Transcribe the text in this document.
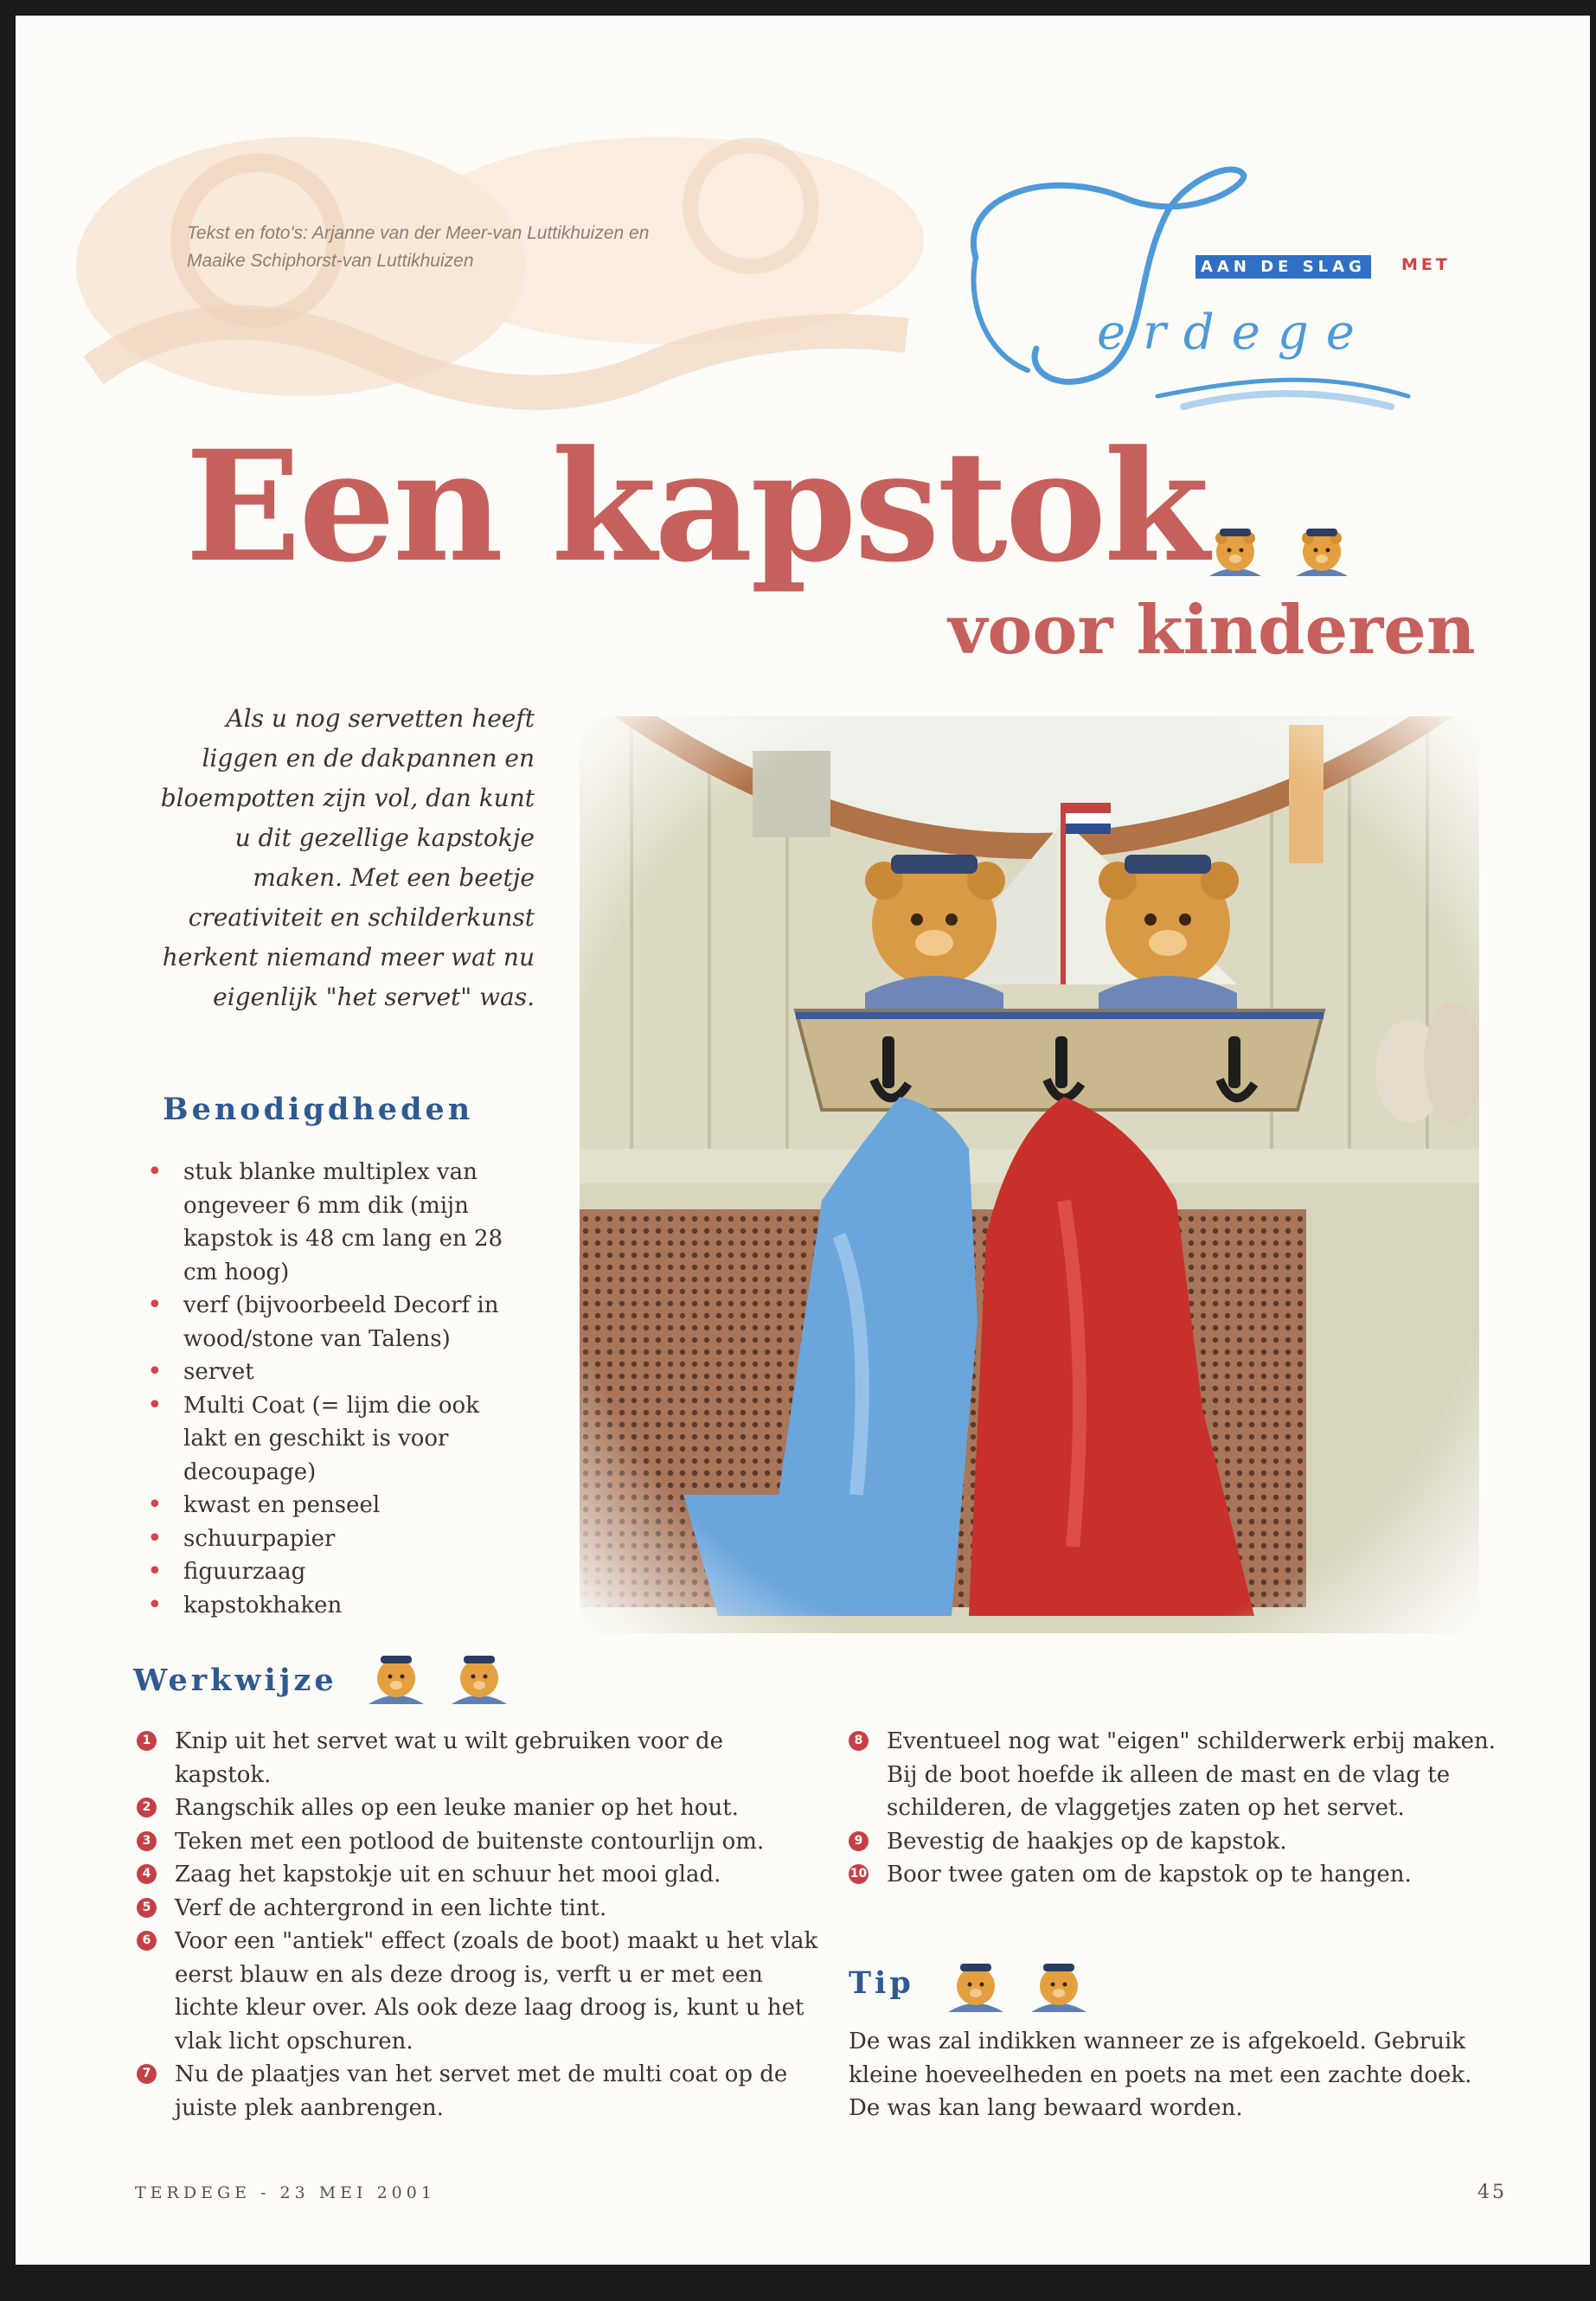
Tekst en foto's: Arjanne van der Meer-van Luttikhuizen en
Maaike Schiphorst-van Luttikhuizen	AAN DE SLAG	MET
erdege
Een kapstok
voor kinderen
Als u nog servetten heeft
liggen en de dakpannen en
bloempotten zijn vol, dan kunt
u dit gezellige kapstokje
maken. Met een beetje
creativiteit en schilderkunst
herkent niemand meer wat nu
eigenlijk "het servet" was.
Benodigdheden
• stuk blanke multiplex van ongeveer 6 mm dik (mijn kapstok is 48 cm lang en 28 cm hoog)
• verf (bijvoorbeeld Decorf in wood/stone van Talens)
• servet
• Multi Coat (= lijm die ook lakt en geschikt is voor decoupage)
• kwast en penseel
• schuurpapier
• figuurzaag
• kapstokhaken
Werkwijze
1 Knip uit het servet wat u wilt gebruiken voor de kapstok.
2 Rangschik alles op een leuke manier op het hout.
3 Teken met een potlood de buitenste contourlijn om.
4 Zaag het kapstokje uit en schuur het mooi glad.
5 Verf de achtergrond in een lichte tint.
6 Voor een "antiek" effect (zoals de boot) maakt u het vlak eerst blauw en als deze droog is, verft u er met een lichte kleur over. Als ook deze laag droog is, kunt u het vlak licht opschuren.
7 Nu de plaatjes van het servet met de multi coat op de juiste plek aanbrengen.
8 Eventueel nog wat "eigen" schilderwerk erbij maken. Bij de boot hoefde ik alleen de mast en de vlag te schilderen, de vlaggetjes zaten op het servet.
9 Bevestig de haakjes op de kapstok.
10 Boor twee gaten om de kapstok op te hangen.
Tip

De was zal indikken wanneer ze is afgekoeld. Gebruik kleine hoeveelheden en poets na met een zachte doek. De was kan lang bewaard worden.

TERDEGE - 23 MEI 2001	45
